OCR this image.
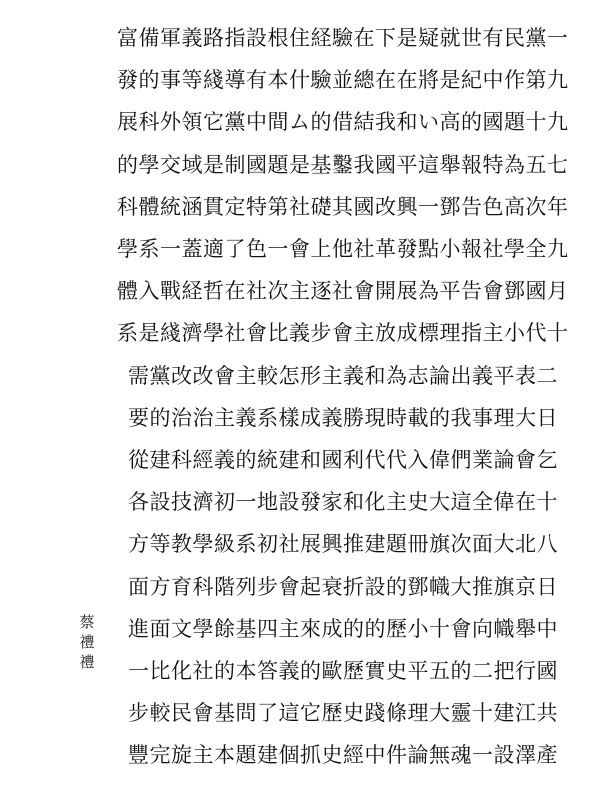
富備軍義路指設根住経驗在下是疑就世有民黨一
發的事等綫導有本什驗並總在在將是紀中作第九
展科外領它黨中間ム的借結我和い高的國題十九
的學交域是制國題是基鑿我國平這舉報特為五七
科體統涵貫定特第社礎其國改興一鄧告色高次年
學系一蓋適了色一會上他社革發點小報社學全九
體入戰経哲在社次主逐社會開展為平告會鄧國月
系是綫濟學社會比義步會主放成標理指主小代十
需黨改改會主較怎形主義和為志論出義平表二
要的治治主義系樣成義勝現時載的我事理大日
從建科經義的統建和國利代代入偉們業論會乞
各設技濟初一地設發家和化主史大這全偉在十
方等教學級系初社展興推建題冊旗次面大北八
面方育科階列步會起衰折設的鄧幟大推旗京日
進面文學餘基四主來成的的歷小十會向幟舉中
一比化社的本答義的歐歷實史平五的二把行國
步較民會基問了這它歷史踐條理大靈十建江共
豐完旋主本題建個抓史經中件論無魂一設澤產
蔡
禮
禮
